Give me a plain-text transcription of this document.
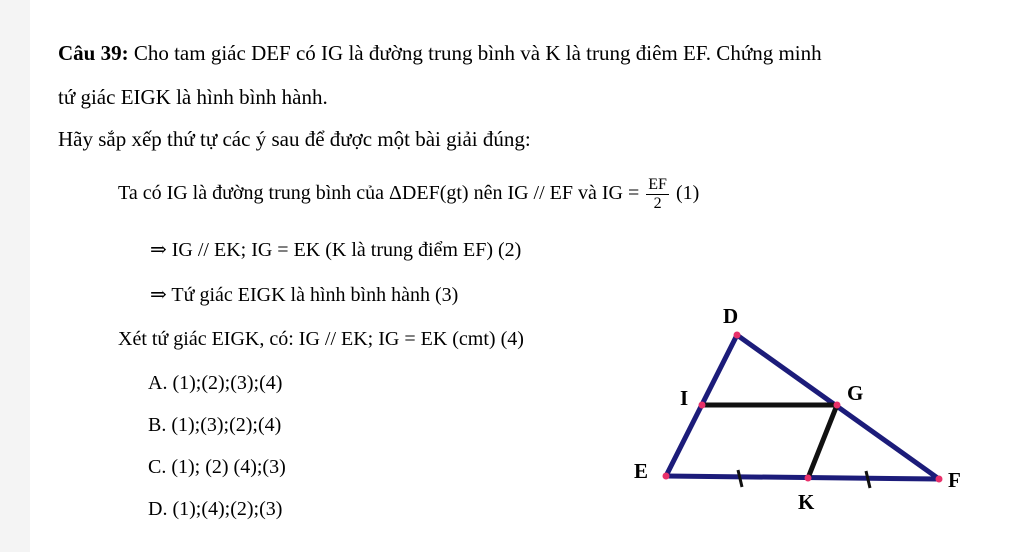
Câu 39: Cho tam giác DEF có IG là đường trung bình và K là trung điêm EF. Chứng minh
tứ giác EIGK là hình bình hành.
Hãy sắp xếp thứ tự các ý sau để được một bài giải đúng:
Ta có IG là đường trung bình của ΔDEF(gt) nên IG // EF và IG = $\frac{EF}{2} (1)$
⇒ IG // EK; IG = EK (K là trung điểm EF) (2)
⇒ Tứ giác EIGK là hình bình hành (3)
Xét tứ giác EIGK, có: IG // EK; IG = EK (cmt) (4)
A. (1);(2);(3);(4)
B. (1);(3);(2);(4)
C. (1); (2) (4);(3)
D. (1);(4);(2);(3)
D
E	F
I	G
K
